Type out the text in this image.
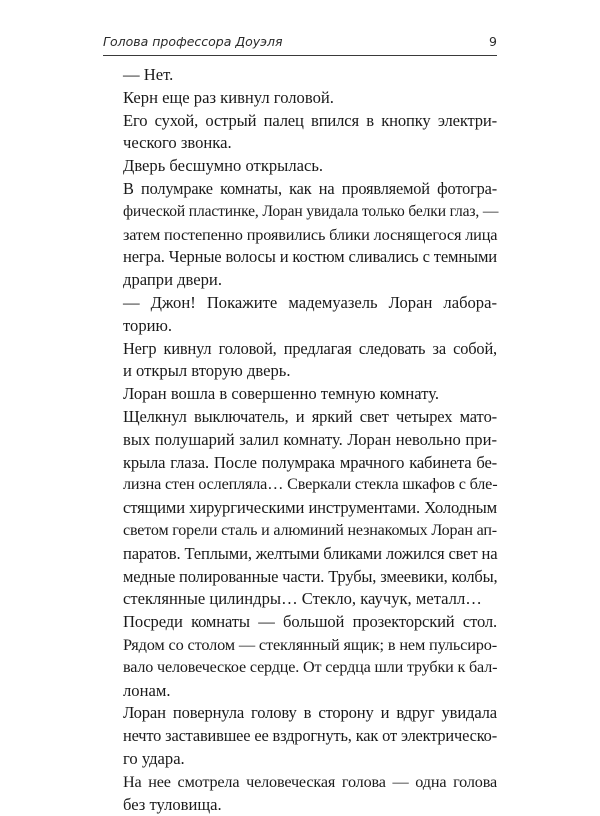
Голова профессора Доуэля	9

— Нет.

Керн еще раз кивнул головой.

Его сухой, острый палец впился в кнопку электри-
ческого звонка.

Дверь бесшумно открылась.

В полумраке комнаты, как на проявляемой фотогра-
фической пластинке, Лоран увидала только белки глаз, —
затем постепенно проявились блики лоснящегося лица
негра. Черные волосы и костюм сливались с темными
драпри двери.

— Джон! Покажите мадемуазель Лоран лабора-
торию.

Негр кивнул головой, предлагая следовать за собой,
и открыл вторую дверь.

Лоран вошла в совершенно темную комнату.

Щелкнул выключатель, и яркий свет четырех матo-
вых полушарий залил комнату. Лоран невольно при-
крыла глаза. После полумрака мрачного кабинета бе-
лизна стен ослепляла… Сверкали стекла шкафов с бле-
стящими хирургическими инструментами. Холодным
светом горели сталь и алюминий незнакомых Лоран ап-
паратов. Теплыми, желтыми бликами ложился свет на
медные полированные части. Трубы, змеевики, колбы,
стеклянные цилиндры… Стекло, каучук, металл…

Посреди комнаты — большой прозекторский стол.
Рядом со столом — стеклянный ящик; в нем пульсиро-
вало человеческое сердце. От сердца шли трубки к бал-
лонам.

Лоран повернула голову в сторону и вдруг увидала
нечто заставившее ее вздрогнуть, как от электрическо-
го удара.

На нее смотрела человеческая голова — одна голова
без туловища.
